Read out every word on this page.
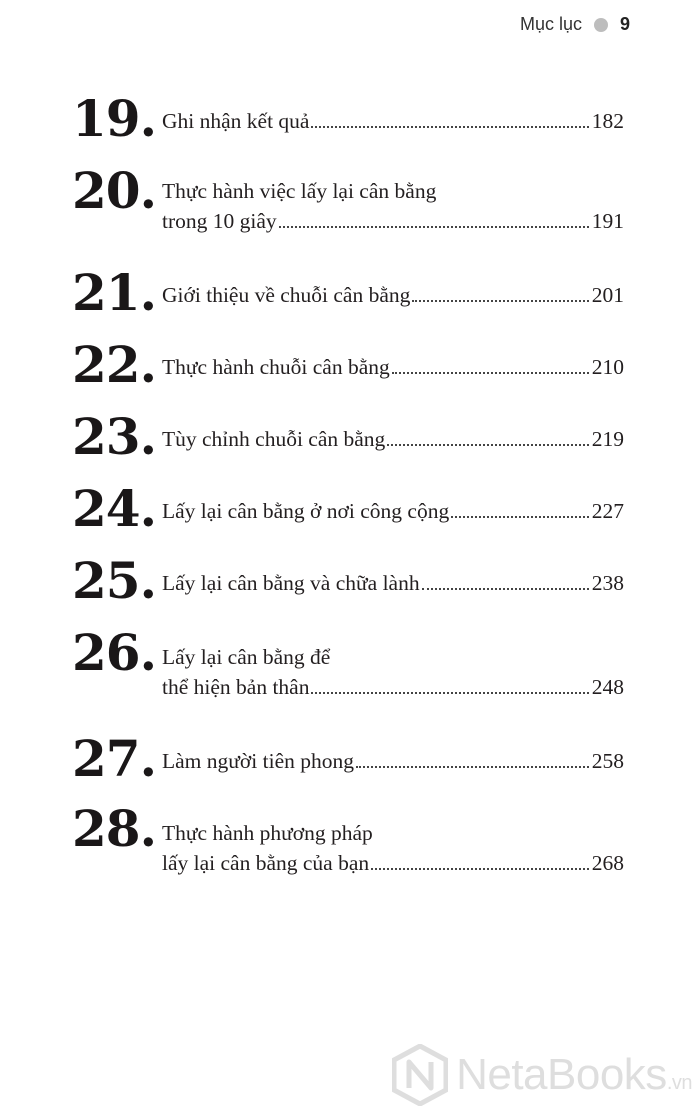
Mục lục 9
19. Ghi nhận kết quả	182
20. Thực hành việc lấy lại cân bằng
trong 10 giây	191
21. Giới thiệu về chuỗi cân bằng	201
22. Thực hành chuỗi cân bằng	210
23. Tùy chỉnh chuỗi cân bằng	219
24. Lấy lại cân bằng ở nơi công cộng	227
25. Lấy lại cân bằng và chữa lành	238
26. Lấy lại cân bằng để
thể hiện bản thân	248
27. Làm người tiên phong	258
28. Thực hành phương pháp
lấy lại cân bằng của bạn	268
NetaBooks.vn
